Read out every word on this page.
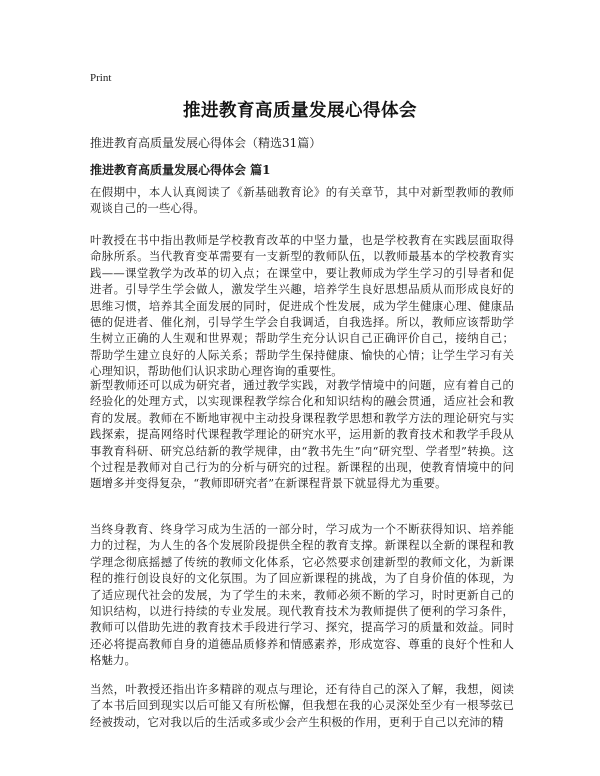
Print
推进教育高质量发展心得体会
推进教育高质量发展心得体会（精选31篇）
推进教育高质量发展心得体会 篇1

在假期中，本人认真阅读了《新基础教育论》的有关章节，其中对新型教师的教师观谈自己的一些心得。

叶教授在书中指出教师是学校教育改革的中坚力量，也是学校教育在实践层面取得命脉所系。当代教育变革需要有一支新型的教师队伍，以教师最基本的学校教育实践——课堂教学为改革的切入点；在课堂中，要让教师成为学生学习的引导者和促进者。引导学生学会做人，激发学生兴趣，培养学生良好思想品质从而形成良好的思维习惯，培养其全面发展的同时，促进成个性发展，成为学生健康心理、健康品德的促进者、催化剂，引导学生学会自我调适，自我选择。所以，教师应该帮助学生树立正确的人生观和世界观；帮助学生充分认识自己正确评价自己，接纳自己；帮助学生建立良好的人际关系；帮助学生保持健康、愉快的心情；让学生学习有关心理知识，帮助他们认识求助心理咨询的重要性。

新型教师还可以成为研究者，通过教学实践，对教学情境中的问题，应有着自己的经验化的处理方式，以实现课程教学综合化和知识结构的融会贯通，适应社会和教育的发展。教师在不断地审视中主动投身课程教学思想和教学方法的理论研究与实践探索，提高网络时代课程教学理论的研究水平，运用新的教育技术和教学手段从事教育科研、研究总结新的教学规律，由“教书先生”向“研究型、学者型”转换。这个过程是教师对自己行为的分析与研究的过程。新课程的出现，使教育情境中的问题增多并变得复杂，“教师即研究者”在新课程背景下就显得尤为重要。

当终身教育、终身学习成为生活的一部分时，学习成为一个不断获得知识、培养能力的过程，为人生的各个发展阶段提供全程的教育支撑。新课程以全新的课程和教学理念彻底摇撼了传统的教师文化体系，它必然要求创建新型的教师文化，为新课程的推行创设良好的文化氛围。为了回应新课程的挑战，为了自身价值的体现，为了适应现代社会的发展，为了学生的未来，教师必须不断的学习，时时更新自己的知识结构，以进行持续的专业发展。现代教育技术为教师提供了便利的学习条件，教师可以借助先进的教育技术手段进行学习、探究，提高学习的质量和效益。同时还必将提高教师自身的道德品质修养和情感素养，形成宽容、尊重的良好个性和人格魅力。

当然，叶教授还指出许多精辟的观点与理论，还有待自己的深入了解，我想，阅读了本书后回到现实以后可能又有所松懈，但我想在我的心灵深处至少有一根琴弦已经被拨动，它对我以后的生活或多或少会产生积极的作用，更利于自己以充沛的精
